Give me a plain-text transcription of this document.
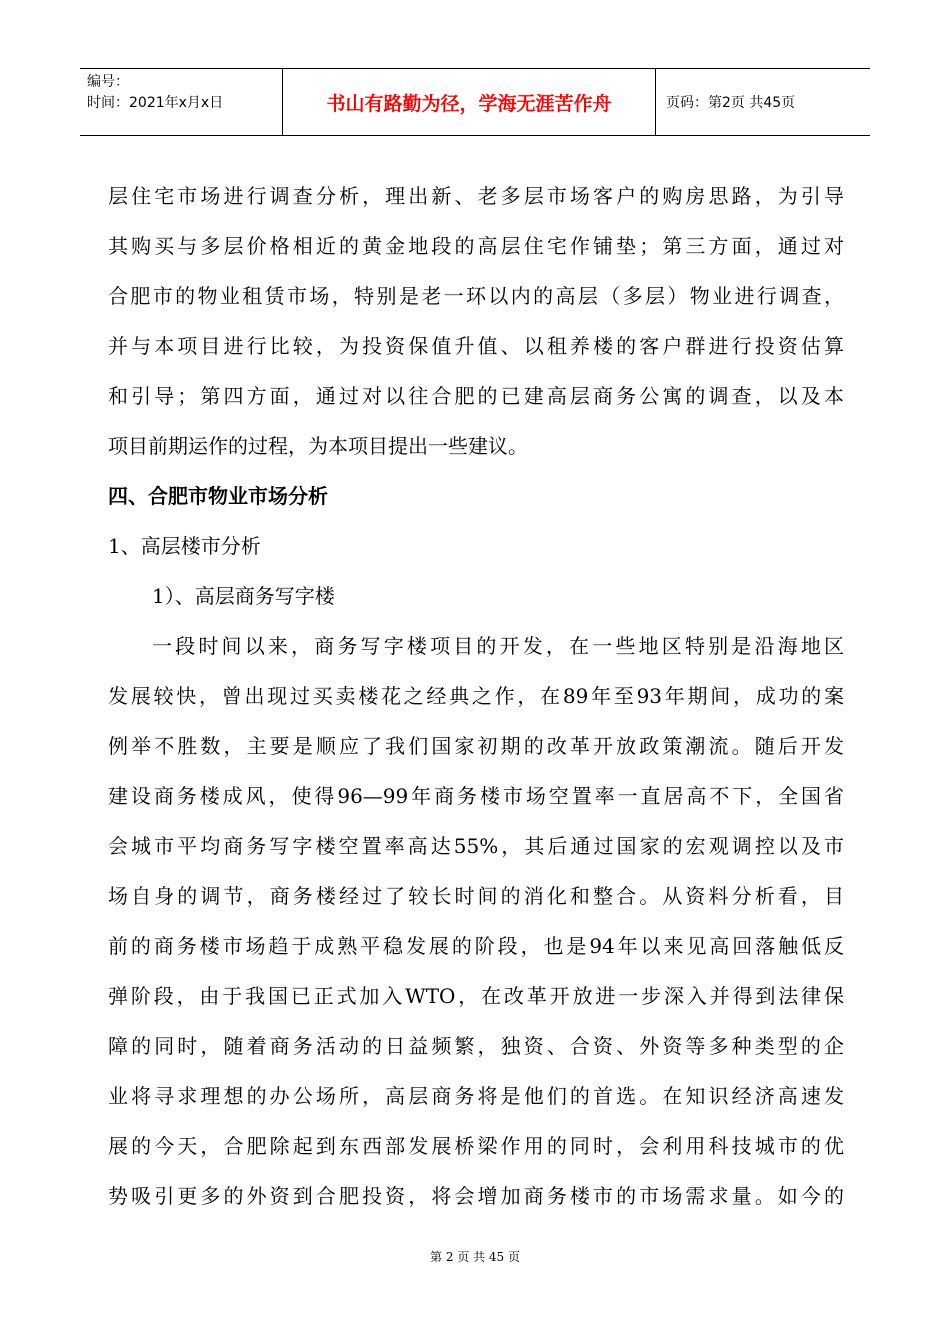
编号：
时间：2021年x月x日	书山有路勤为径，学海无涯苦作舟	页码：第2页 共45页
层住宅市场进行调查分析，理出新、老多层市场客户的购房思路，为引导
其购买与多层价格相近的黄金地段的高层住宅作铺垫；第三方面，通过对
合肥市的物业租赁市场，特别是老一环以内的高层（多层）物业进行调查，
并与本项目进行比较，为投资保值升值、以租养楼的客户群进行投资估算
和引导；第四方面，通过对以往合肥的已建高层商务公寓的调查，以及本
项目前期运作的过程，为本项目提出一些建议。
四、合肥市物业市场分析
1、高层楼市分析
1）、高层商务写字楼
一段时间以来，商务写字楼项目的开发，在一些地区特别是沿海地区
发展较快，曾出现过买卖楼花之经典之作，在89年至93年期间，成功的案
例举不胜数，主要是顺应了我们国家初期的改革开放政策潮流。随后开发
建设商务楼成风，使得96—99年商务楼市场空置率一直居高不下，全国省
会城市平均商务写字楼空置率高达55%，其后通过国家的宏观调控以及市
场自身的调节，商务楼经过了较长时间的消化和整合。从资料分析看，目
前的商务楼市场趋于成熟平稳发展的阶段，也是94年以来见高回落触低反
弹阶段，由于我国已正式加入WTO，在改革开放进一步深入并得到法律保
障的同时，随着商务活动的日益频繁，独资、合资、外资等多种类型的企
业将寻求理想的办公场所，高层商务将是他们的首选。在知识经济高速发
展的今天，合肥除起到东西部发展桥梁作用的同时，会利用科技城市的优
势吸引更多的外资到合肥投资，将会增加商务楼市的市场需求量。如今的
第 2 页 共 45 页
